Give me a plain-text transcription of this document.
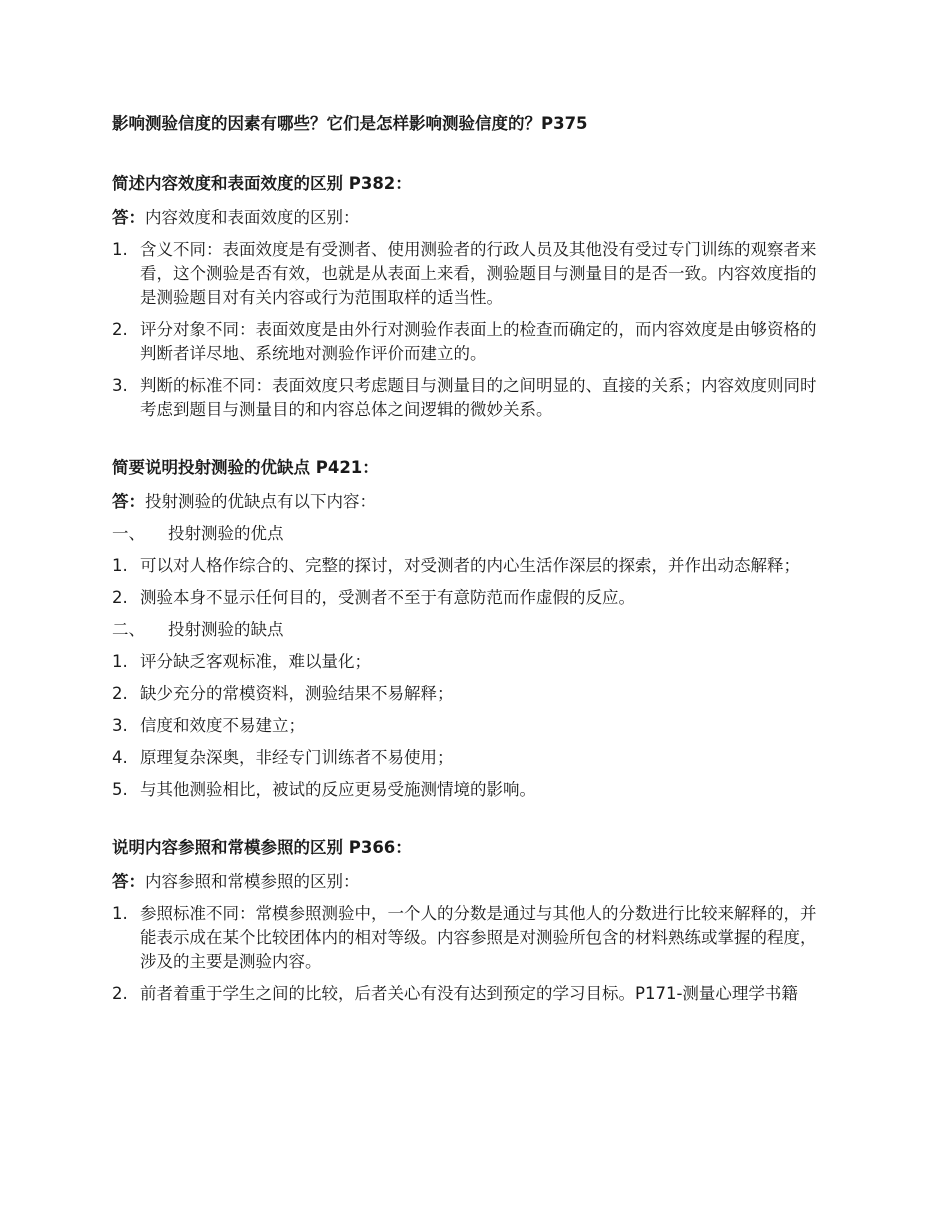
影响测验信度的因素有哪些？它们是怎样影响测验信度的？P375

简述内容效度和表面效度的区别 P382：

答：内容效度和表面效度的区别：

1. 含义不同：表面效度是有受测者、使用测验者的行政人员及其他没有受过专门训练的观察者来看，这个测验是否有效，也就是从表面上来看，测验题目与测量目的是否一致。内容效度指的是测验题目对有关内容或行为范围取样的适当性。
2. 评分对象不同：表面效度是由外行对测验作表面上的检查而确定的，而内容效度是由够资格的判断者详尽地、系统地对测验作评价而建立的。
3. 判断的标准不同：表面效度只考虑题目与测量目的之间明显的、直接的关系；内容效度则同时考虑到题目与测量目的和内容总体之间逻辑的微妙关系。

简要说明投射测验的优缺点 P421：

答：投射测验的优缺点有以下内容：

一、 投射测验的优点
1. 可以对人格作综合的、完整的探讨，对受测者的内心生活作深层的探索，并作出动态解释；
2. 测验本身不显示任何目的，受测者不至于有意防范而作虚假的反应。
二、 投射测验的缺点
1. 评分缺乏客观标准，难以量化；
2. 缺少充分的常模资料，测验结果不易解释；
3. 信度和效度不易建立；
4. 原理复杂深奥，非经专门训练者不易使用；
5. 与其他测验相比，被试的反应更易受施测情境的影响。

说明内容参照和常模参照的区别 P366：

答：内容参照和常模参照的区别：

1. 参照标准不同：常模参照测验中，一个人的分数是通过与其他人的分数进行比较来解释的，并能表示成在某个比较团体内的相对等级。内容参照是对测验所包含的材料熟练或掌握的程度，涉及的主要是测验内容。
2. 前者着重于学生之间的比较，后者关心有没有达到预定的学习目标。P171-测量心理学书籍
